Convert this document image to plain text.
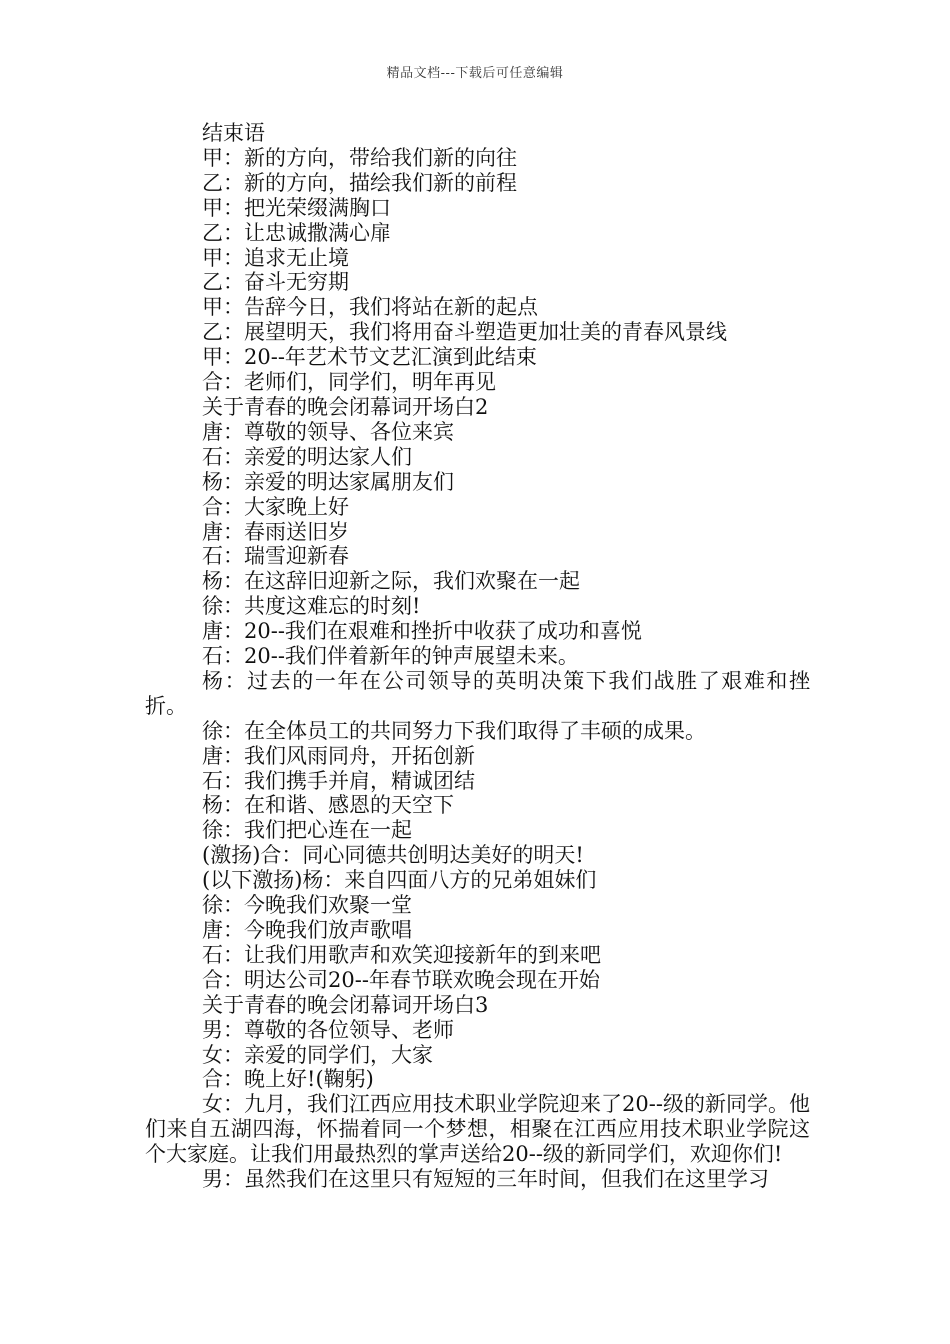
精品文档---下载后可任意编辑
结束语
甲：新的方向，带给我们新的向往
乙：新的方向，描绘我们新的前程
甲：把光荣缀满胸口
乙：让忠诚撒满心扉
甲：追求无止境
乙：奋斗无穷期
甲：告辞今日，我们将站在新的起点
乙：展望明天，我们将用奋斗塑造更加壮美的青春风景线
甲：20--年艺术节文艺汇演到此结束
合：老师们，同学们，明年再见
关于青春的晚会闭幕词开场白2
唐：尊敬的领导、各位来宾
石：亲爱的明达家人们
杨：亲爱的明达家属朋友们
合：大家晚上好
唐：春雨送旧岁
石：瑞雪迎新春
杨：在这辞旧迎新之际，我们欢聚在一起
徐：共度这难忘的时刻!
唐：20--我们在艰难和挫折中收获了成功和喜悦
石：20--我们伴着新年的钟声展望未来。
杨：过去的一年在公司领导的英明决策下我们战胜了艰难和挫折。
徐：在全体员工的共同努力下我们取得了丰硕的成果。
唐：我们风雨同舟，开拓创新
石：我们携手并肩，精诚团结
杨：在和谐、感恩的天空下
徐：我们把心连在一起
(激扬)合：同心同德共创明达美好的明天!
(以下激扬)杨：来自四面八方的兄弟姐妹们
徐：今晚我们欢聚一堂
唐：今晚我们放声歌唱
石：让我们用歌声和欢笑迎接新年的到来吧
合：明达公司20--年春节联欢晚会现在开始
关于青春的晚会闭幕词开场白3
男：尊敬的各位领导、老师
女：亲爱的同学们，大家
合：晚上好!(鞠躬)
女：九月，我们江西应用技术职业学院迎来了20--级的新同学。他们来自五湖四海，怀揣着同一个梦想，相聚在江西应用技术职业学院这个大家庭。让我们用最热烈的掌声送给20--级的新同学们，欢迎你们!
男：虽然我们在这里只有短短的三年时间，但我们在这里学习
